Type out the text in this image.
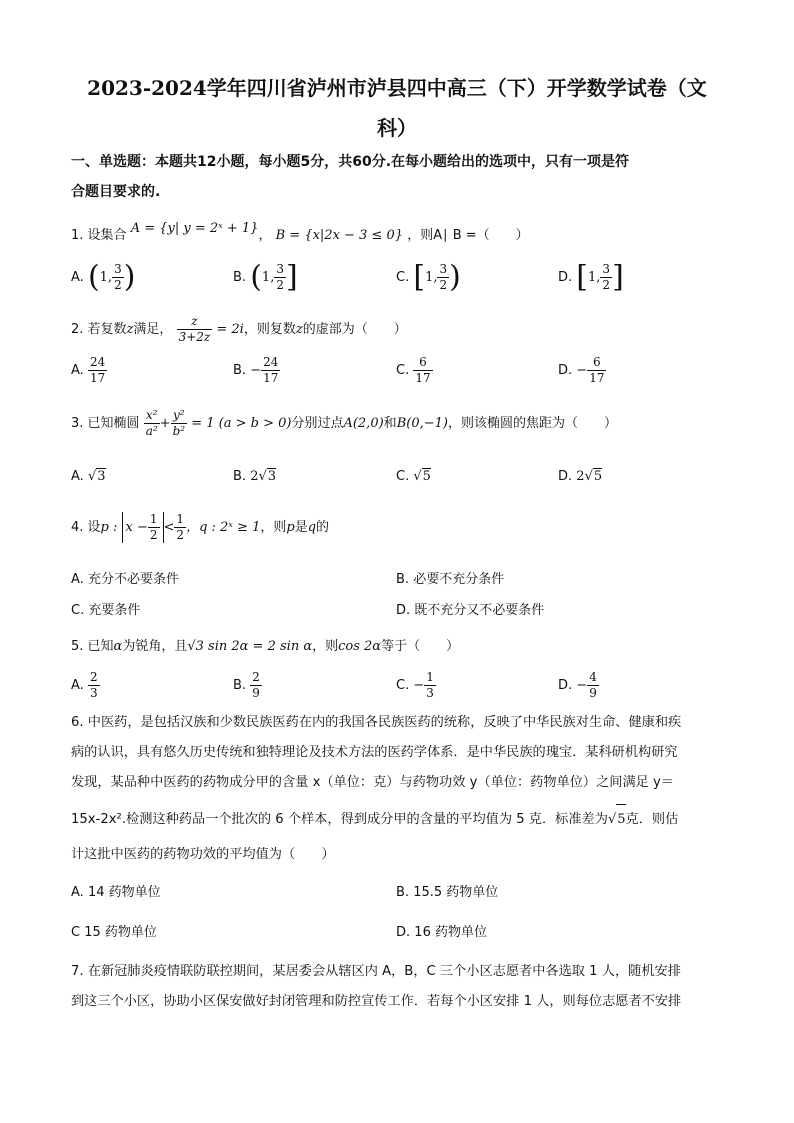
2023-2024学年四川省泸州市泸县四中高三（下）开学数学试卷（文
科）
一、单选题：本题共12小题，每小题5分，共60分.在每小题给出的选项中，只有一项是符
合题目要求的.
1. 设集合 A = {y| y = 2ˣ + 1}， B = {x|2x − 3 ≤ 0} ，则A∣ B =（　　）
A. (1, $\frac{3}{2}$ )	B. (1, $\frac{3}{2}$ ]	C. [1, $\frac{3}{2}$ )	D. [1, $\frac{3}{2}$ ]
2. 若复数z满足， $\frac{z}{3+2z} = 2i$，则复数z的虚部为（　　）
A. $\frac{24}{17}$	B. − $\frac{24}{17}$	C. $\frac{6}{17}$	D. − $\frac{6}{17}$
3. 已知椭圆 $\frac{\text{x²}}{\text{a²}} + \frac{\text{y²}}{\text{b²}} = 1$ (a > b > 0)分别过点A(2,0)和B(0,−1)，则该椭圆的焦距为（　　）
A. √3	B. 2√3	C. √5	D. 2√5
4. 设p : $x - \frac{1}{2} < \frac{1}{2}$ ，q : 2ˣ ≥ 1，则p是q的
A. 充分不必要条件	B. 必要不充分条件
C. 充要条件	D. 既不充分又不必要条件
5. 已知α为锐角，且√3 sin 2α = 2 sin α，则cos 2α等于（　　）
A. $\frac{2}{3}$	B. $\frac{2}{9}$	C. − $\frac{1}{3}$	D. − $\frac{4}{9}$
6. 中医药，是包括汉族和少数民族医药在内的我国各民族医药的统称，反映了中华民族对生命、健康和疾
病的认识，具有悠久历史传统和独特理论及技术方法的医药学体系．是中华民族的瑰宝．某科研机构研究
发现，某品种中医药的药物成分甲的含量 x（单位：克）与药物功效 y（单位：药物单位）之间满足 y＝
15x-2x².检测这种药品一个批次的 6 个样本，得到成分甲的含量的平均值为 5 克．标准差为√5克．则估
计这批中医药的药物功效的平均值为（　　）
A. 14 药物单位	B. 15.5 药物单位
C 15 药物单位	D. 16 药物单位
7. 在新冠肺炎疫情联防联控期间，某居委会从辖区内 A，B，C 三个小区志愿者中各选取 1 人，随机安排
到这三个小区，协助小区保安做好封闭管理和防控宣传工作．若每个小区安排 1 人，则每位志愿者不安排
